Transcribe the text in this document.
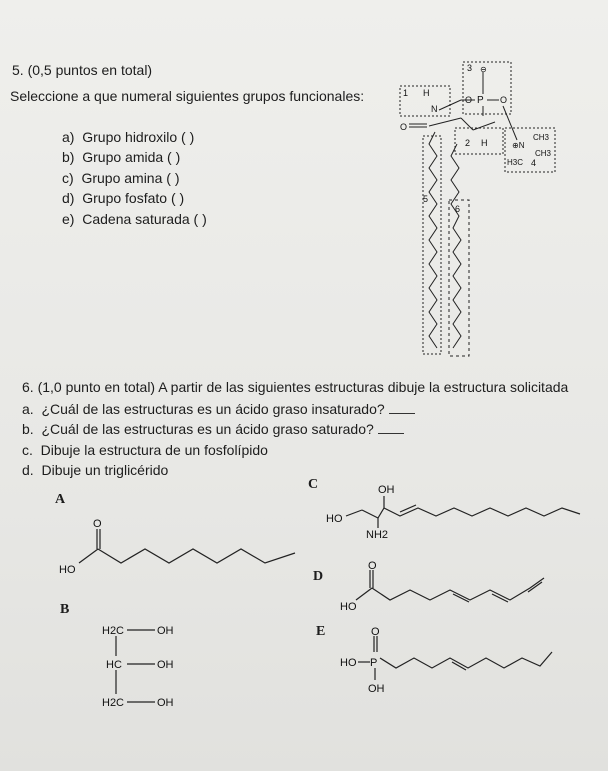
5. (0,5 puntos en total)
Seleccione a que numeral siguientes grupos funcionales:
a) Grupo hidroxilo ( )
b) Grupo amida ( )
c) Grupo amina ( )
d) Grupo fosfato ( )
e) Cadena saturada ( )
3 ⊖
1 H
N
P
O	O
O
2 H	⊕N
CH3
CH3
H3C 4
5
6
6. (1,0 punto en total) A partir de las siguientes estructuras dibuje la estructura solicitada
a. ¿Cuál de las estructuras es un ácido graso insaturado?
b. ¿Cuál de las estructuras es un ácido graso saturado?
c. Dibuje la estructura de un fosfolípido
d. Dibuje un triglicérido
A
B
C
D
E
O
HO
H2C	OH
HC	OH
H2C	OH
OH
HO
NH2
O
HO
O
HO P
OH
